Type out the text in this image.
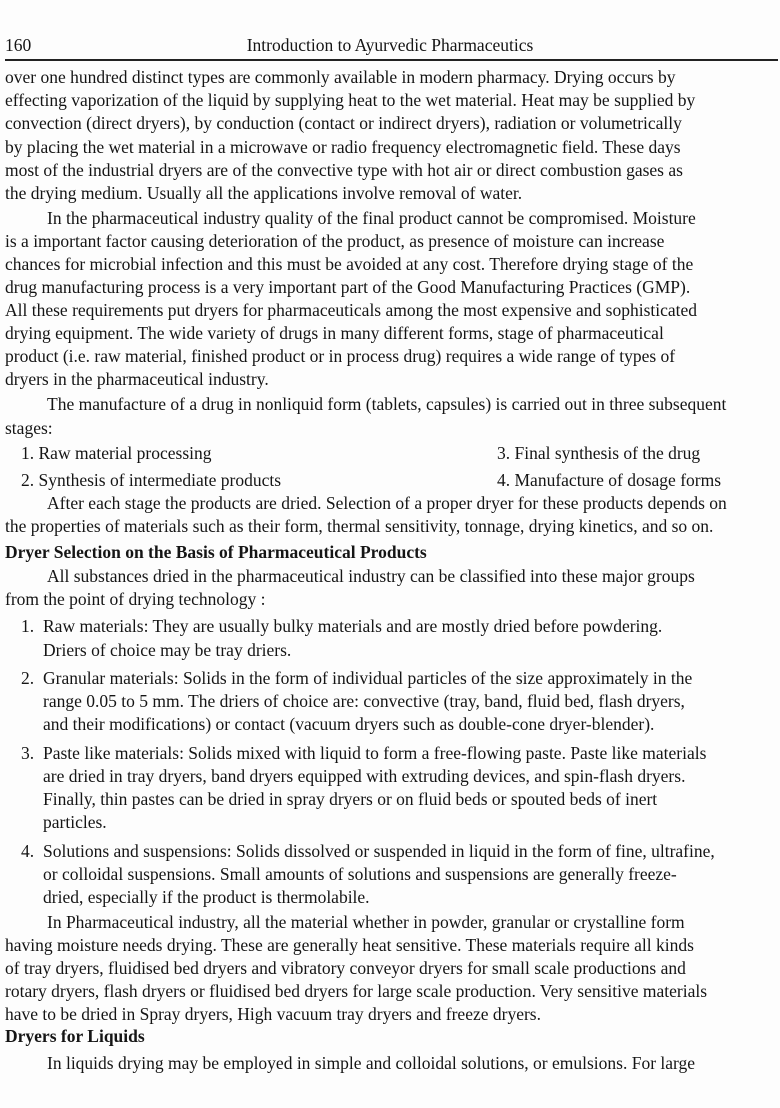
160	Introduction to Ayurvedic Pharmaceutics
over one hundred distinct types are commonly available in modern pharmacy. Drying occurs by
effecting vaporization of the liquid by supplying heat to the wet material. Heat may be supplied by
convection (direct dryers), by conduction (contact or indirect dryers), radiation or volumetrically
by placing the wet material in a microwave or radio frequency electromagnetic field. These days
most of the industrial dryers are of the convective type with hot air or direct combustion gases as
the drying medium. Usually all the applications involve removal of water.
In the pharmaceutical industry quality of the final product cannot be compromised. Moisture
is a important factor causing deterioration of the product, as presence of moisture can increase
chances for microbial infection and this must be avoided at any cost. Therefore drying stage of the
drug manufacturing process is a very important part of the Good Manufacturing Practices (GMP).
All these requirements put dryers for pharmaceuticals among the most expensive and sophisticated
drying equipment. The wide variety of drugs in many different forms, stage of pharmaceutical
product (i.e. raw material, finished product or in process drug) requires a wide range of types of
dryers in the pharmaceutical industry.
The manufacture of a drug in nonliquid form (tablets, capsules) is carried out in three subsequent
stages:
1. Raw material processing
2. Synthesis of intermediate products
3. Final synthesis of the drug
4. Manufacture of dosage forms
After each stage the products are dried. Selection of a proper dryer for these products depends on
the properties of materials such as their form, thermal sensitivity, tonnage, drying kinetics, and so on.
Dryer Selection on the Basis of Pharmaceutical Products
All substances dried in the pharmaceutical industry can be classified into these major groups
from the point of drying technology :
1. Raw materials: They are usually bulky materials and are mostly dried before powdering.
Driers of choice may be tray driers.
2. Granular materials: Solids in the form of individual particles of the size approximately in the
range 0.05 to 5 mm. The driers of choice are: convective (tray, band, fluid bed, flash dryers,
and their modifications) or contact (vacuum dryers such as double-cone dryer-blender).
3. Paste like materials: Solids mixed with liquid to form a free-flowing paste. Paste like materials
are dried in tray dryers, band dryers equipped with extruding devices, and spin-flash dryers.
Finally, thin pastes can be dried in spray dryers or on fluid beds or spouted beds of inert
particles.
4. Solutions and suspensions: Solids dissolved or suspended in liquid in the form of fine, ultrafine,
or colloidal suspensions. Small amounts of solutions and suspensions are generally freeze-
dried, especially if the product is thermolabile.
In Pharmaceutical industry, all the material whether in powder, granular or crystalline form
having moisture needs drying. These are generally heat sensitive. These materials require all kinds
of tray dryers, fluidised bed dryers and vibratory conveyor dryers for small scale productions and
rotary dryers, flash dryers or fluidised bed dryers for large scale production. Very sensitive materials
have to be dried in Spray dryers, High vacuum tray dryers and freeze dryers.
Dryers for Liquids
In liquids drying may be employed in simple and colloidal solutions, or emulsions. For large
